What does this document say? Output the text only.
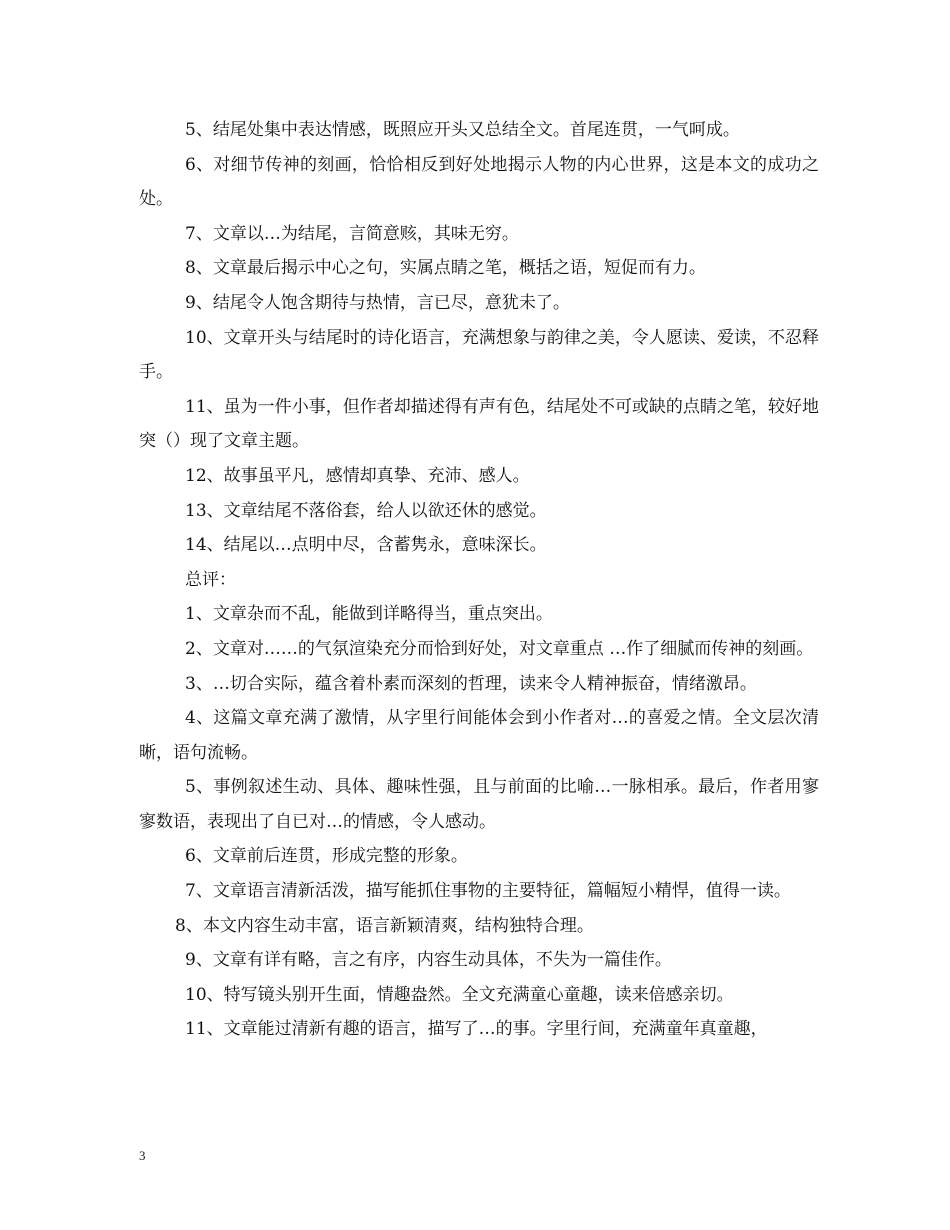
5、结尾处集中表达情感，既照应开头又总结全文。首尾连贯，一气呵成。

6、对细节传神的刻画，恰恰相反到好处地揭示人物的内心世界，这是本文的成功之处。

7、文章以…为结尾，言简意赅，其味无穷。

8、文章最后揭示中心之句，实属点睛之笔，概括之语，短促而有力。

9、结尾令人饱含期待与热情，言已尽，意犹未了。

10、文章开头与结尾时的诗化语言，充满想象与韵律之美，令人愿读、爱读，不忍释手。

11、虽为一件小事，但作者却描述得有声有色，结尾处不可或缺的点睛之笔，较好地突（）现了文章主题。

12、故事虽平凡，感情却真挚、充沛、感人。

13、文章结尾不落俗套，给人以欲还休的感觉。

14、结尾以…点明中尽，含蓄隽永，意味深长。

总评：

1、文章杂而不乱，能做到详略得当，重点突出。

2、文章对……的气氛渲染充分而恰到好处，对文章重点 …作了细腻而传神的刻画。

3、…切合实际，蕴含着朴素而深刻的哲理，读来令人精神振奋，情绪激昂。

4、这篇文章充满了激情，从字里行间能体会到小作者对…的喜爱之情。全文层次清晰，语句流畅。

5、事例叙述生动、具体、趣味性强，且与前面的比喻…一脉相承。最后，作者用寥寥数语，表现出了自已对…的情感，令人感动。

6、文章前后连贯，形成完整的形象。

7、文章语言清新活泼，描写能抓住事物的主要特征，篇幅短小精悍，值得一读。

8、本文内容生动丰富，语言新颖清爽，结构独特合理。

9、文章有详有略，言之有序，内容生动具体，不失为一篇佳作。

10、特写镜头别开生面，情趣盎然。全文充满童心童趣，读来倍感亲切。

11、文章能过清新有趣的语言，描写了…的事。字里行间，充满童年真童趣，

3
